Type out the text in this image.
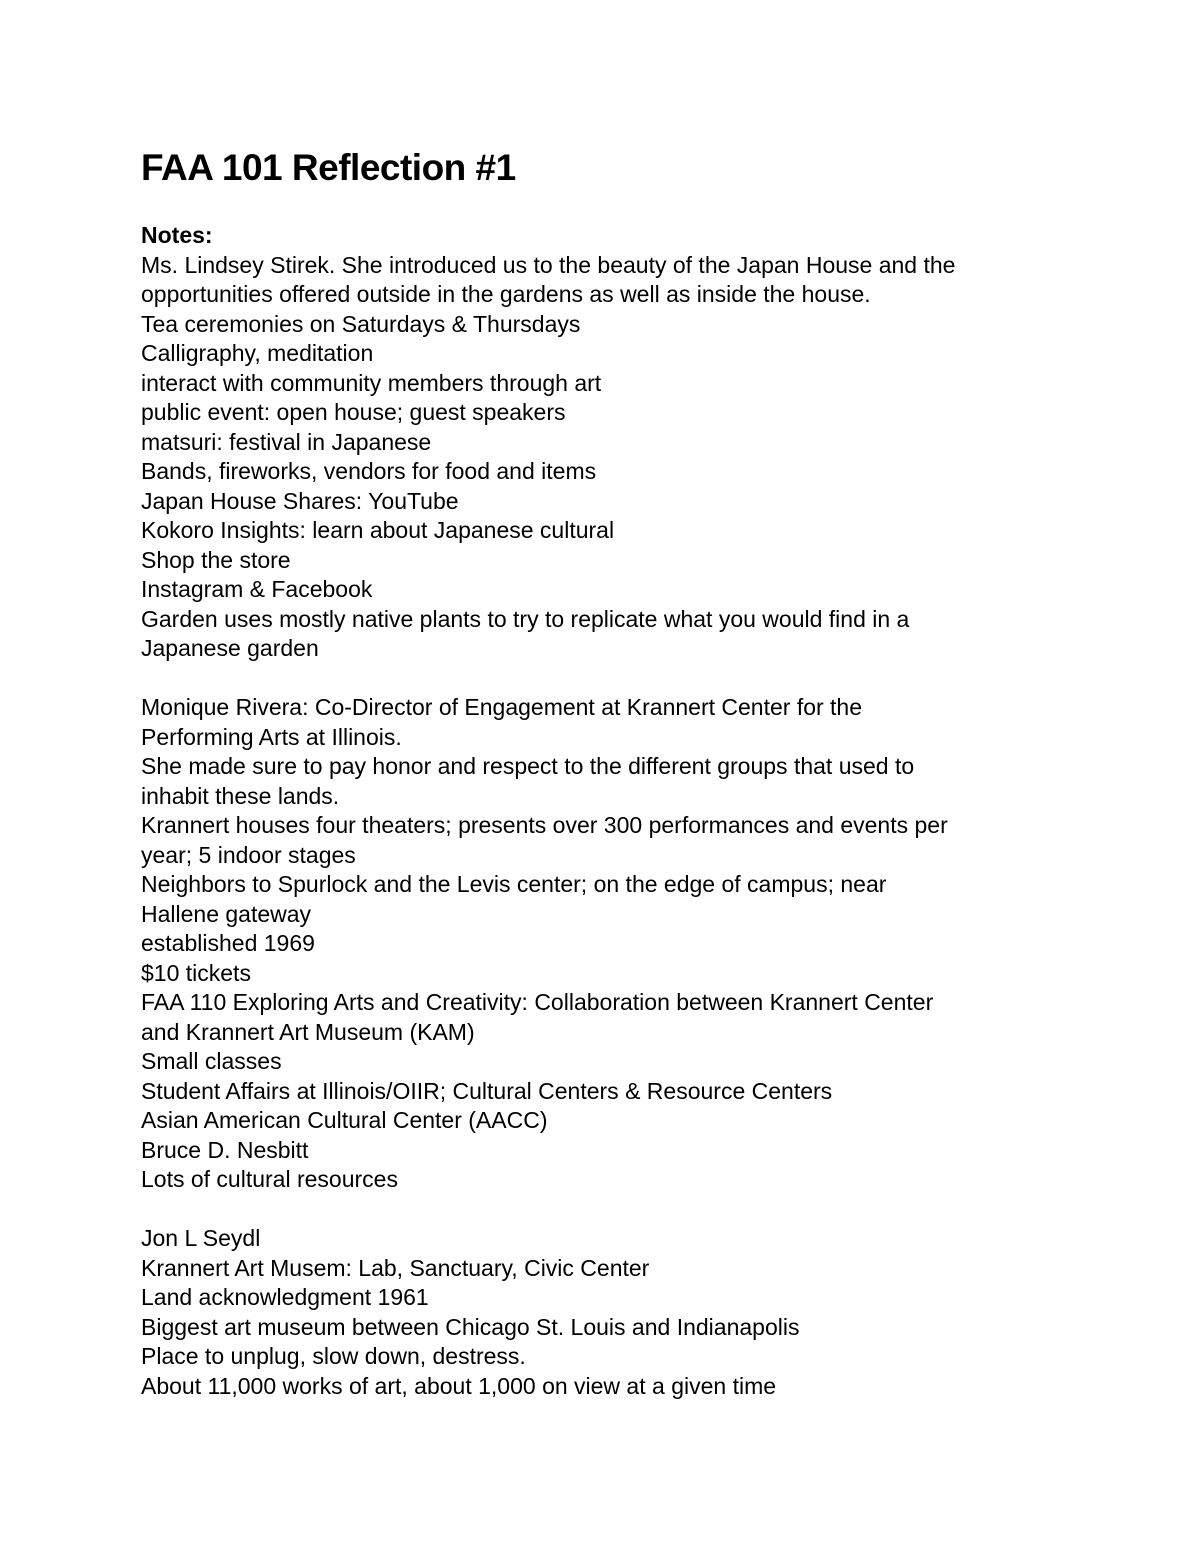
FAA 101 Reflection #1
Notes:
Ms. Lindsey Stirek. She introduced us to the beauty of the Japan House and the
opportunities offered outside in the gardens as well as inside the house.
Tea ceremonies on Saturdays & Thursdays
Calligraphy, meditation
interact with community members through art
public event: open house; guest speakers
matsuri: festival in Japanese
Bands, fireworks, vendors for food and items
Japan House Shares: YouTube
Kokoro Insights: learn about Japanese cultural
Shop the store
Instagram & Facebook
Garden uses mostly native plants to try to replicate what you would find in a
Japanese garden
Monique Rivera: Co-Director of Engagement at Krannert Center for the
Performing Arts at Illinois.
She made sure to pay honor and respect to the different groups that used to
inhabit these lands.
Krannert houses four theaters; presents over 300 performances and events per
year; 5 indoor stages
Neighbors to Spurlock and the Levis center; on the edge of campus; near
Hallene gateway
established 1969
$10 tickets
FAA 110 Exploring Arts and Creativity: Collaboration between Krannert Center
and Krannert Art Museum (KAM)
Small classes
Student Affairs at Illinois/OIIR; Cultural Centers & Resource Centers
Asian American Cultural Center (AACC)
Bruce D. Nesbitt
Lots of cultural resources
Jon L Seydl
Krannert Art Musem: Lab, Sanctuary, Civic Center
Land acknowledgment 1961
Biggest art museum between Chicago St. Louis and Indianapolis
Place to unplug, slow down, destress.
About 11,000 works of art, about 1,000 on view at a given time
